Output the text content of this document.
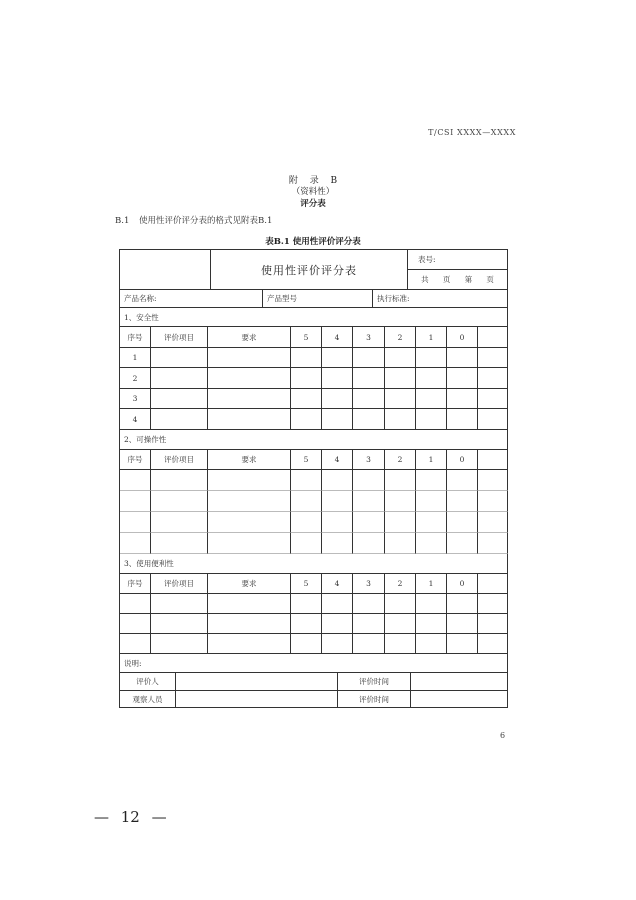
T/CSI XXXX—XXXX
附 录 B
（资料性）
评分表
B.1 使用性评价评分表的格式见附表B.1
表B.1 使用性评价评分表
使用性评价评分表
表号:
共 页 第 页
产品名称:	产品型号	执行标准:
1、安全性
序号	评价项目	要求	5	4	3	2	1	0
1
2
3
4
2、可操作性
序号	评价项目	要求	5	4	3	2	1	0
3、使用便利性
序号	评价项目	要求	5	4	3	2	1	0
说明:
评价人	评价时间
观察人员	评价时间
6
— 12 —
